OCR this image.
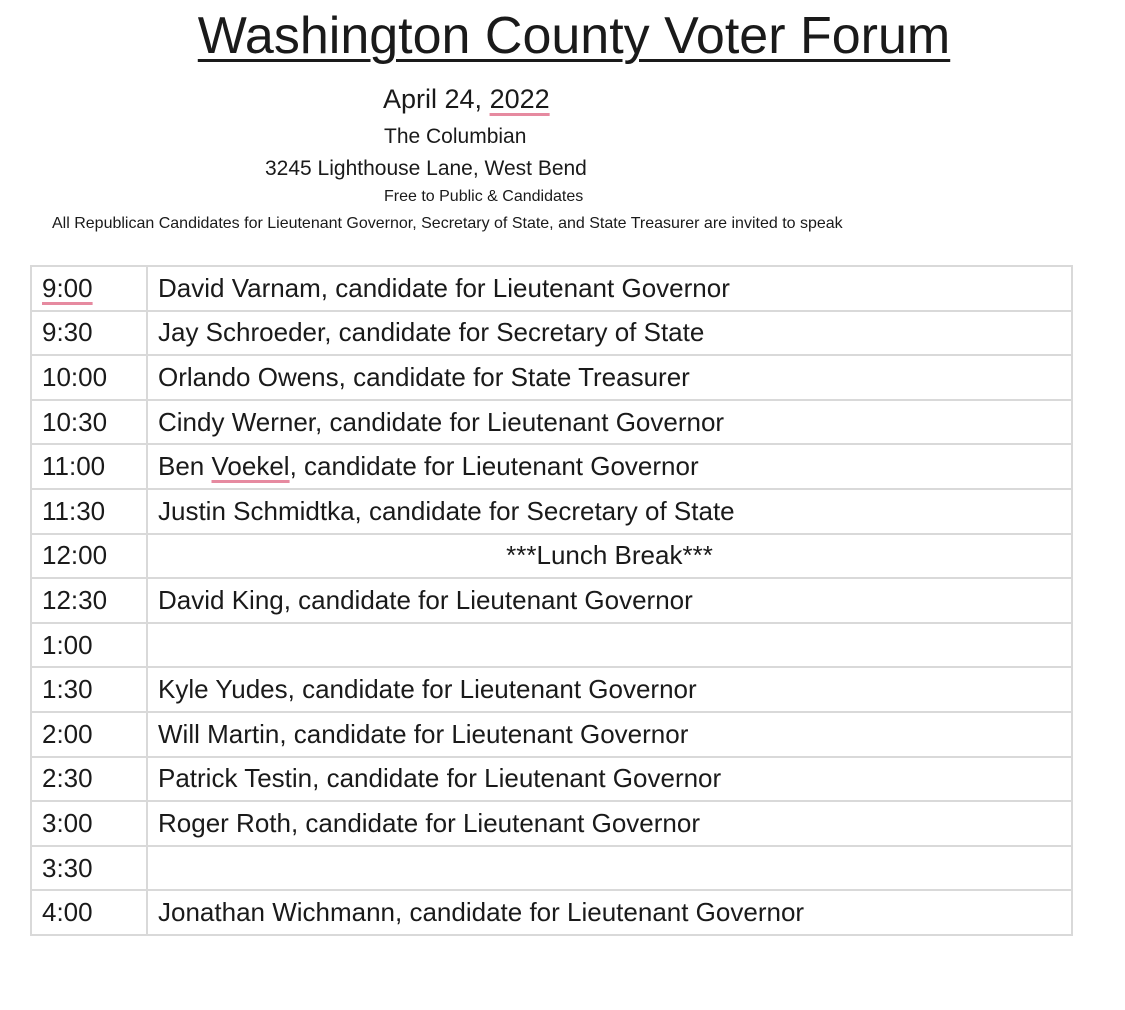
Washington County Voter Forum
April 24, 2022
The Columbian
3245 Lighthouse Lane, West Bend
Free to Public & Candidates
All Republican Candidates for Lieutenant Governor, Secretary of State, and State Treasurer are invited to speak
9:00	David Varnam, candidate for Lieutenant Governor
9:30	Jay Schroeder, candidate for Secretary of State
10:00	Orlando Owens, candidate for State Treasurer
10:30	Cindy Werner, candidate for Lieutenant Governor
11:00	Ben Voekel, candidate for Lieutenant Governor
11:30	Justin Schmidtka, candidate for Secretary of State
12:00	***Lunch Break***
12:30	David King, candidate for Lieutenant Governor
1:00	
1:30	Kyle Yudes, candidate for Lieutenant Governor
2:00	Will Martin, candidate for Lieutenant Governor
2:30	Patrick Testin, candidate for Lieutenant Governor
3:00	Roger Roth, candidate for Lieutenant Governor
3:30	
4:00	Jonathan Wichmann, candidate for Lieutenant Governor
